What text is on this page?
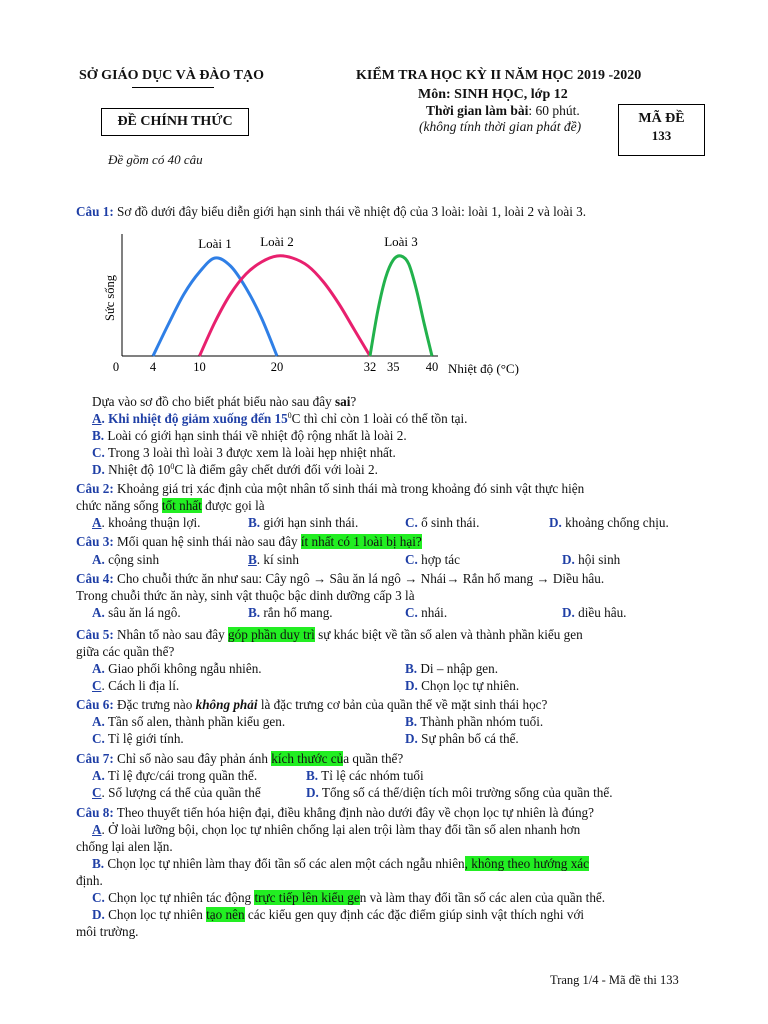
SỞ GIÁO DỤC VÀ ĐÀO TẠO
ĐỀ CHÍNH THỨC
Đề gồm có 40 câu
KIỂM TRA HỌC KỲ II NĂM HỌC 2019 -2020
Môn: SINH HỌC, lớp 12
Thời gian làm bài: 60 phút.
(không tính thời gian phát đề)
MÃ ĐỀ
133
Câu 1: Sơ đồ dưới đây biểu diễn giới hạn sinh thái về nhiệt độ của 3 loài: loài 1, loài 2 và loài 3.
Sức sống
Nhiệt độ (°C)
0 4	10	20	32 35 40
Loài 1 Loài 2	Loài 3
Dựa vào sơ đồ cho biết phát biểu nào sau đây sai?
A. Khi nhiệt độ giảm xuống đến $15^0C$ thì chỉ còn 1 loài có thể tồn tại.
B. Loài có giới hạn sinh thái về nhiệt độ rộng nhất là loài 2.
C. Trong 3 loài thì loài 3 được xem là loài hẹp nhiệt nhất.
D. Nhiệt độ $10^0C$ là điểm gây chết dưới đối với loài 2.
Câu 2: Khoảng giá trị xác định của một nhân tố sinh thái mà trong khoảng đó sinh vật thực hiện
chức năng sống tốt nhất được gọi là
A. khoảng thuận lợi.	B. giới hạn sinh thái.	C. ổ sinh thái.	D. khoảng chống chịu.
Câu 3: Mối quan hệ sinh thái nào sau đây ít nhất có 1 loài bị hại?
A. cộng sinh	B. kí sinh	C. hợp tác	D. hội sinh
Câu 4: Cho chuỗi thức ăn như sau: Cây ngô → Sâu ăn lá ngô → Nhái→ Rắn hổ mang → Diều hâu.
Trong chuỗi thức ăn này, sinh vật thuộc bậc dinh dưỡng cấp 3 là
A. sâu ăn lá ngô.	B. rắn hổ mang.	C. nhái.	D. diều hâu.
Câu 5: Nhân tố nào sau đây góp phần duy trì sự khác biệt về tần số alen và thành phần kiểu gen
giữa các quần thể?
A. Giao phối không ngẫu nhiên.	B. Di – nhập gen.
C. Cách li địa lí.	D. Chọn lọc tự nhiên.
Câu 6: Đặc trưng nào không phải là đặc trưng cơ bản của quần thể về mặt sinh thái học?
A. Tần số alen, thành phần kiểu gen.	B. Thành phần nhóm tuổi.
C. Tỉ lệ giới tính.	D. Sự phân bố cá thể.
Câu 7: Chỉ số nào sau đây phản ánh kích thước của quần thể?
A. Tỉ lệ đực/cái trong quần thể.	B. Tỉ lệ các nhóm tuổi
C. Số lượng cá thể của quần thể	D. Tổng số cá thể/diện tích môi trường sống của quần thể.
Câu 8: Theo thuyết tiến hóa hiện đại, điều khẳng định nào dưới đây về chọn lọc tự nhiên là đúng?
A. Ở loài lưỡng bội, chọn lọc tự nhiên chống lại alen trội làm thay đổi tần số alen nhanh hơn
chống lại alen lặn.
B. Chọn lọc tự nhiên làm thay đổi tần số các alen một cách ngẫu nhiên, không theo hướng xác
định.
C. Chọn lọc tự nhiên tác động trực tiếp lên kiểu gen và làm thay đổi tần số các alen của quần thể.
D. Chọn lọc tự nhiên tạo nên các kiểu gen quy định các đặc điểm giúp sinh vật thích nghi với
môi trường.
Trang 1/4 - Mã đề thi 133
